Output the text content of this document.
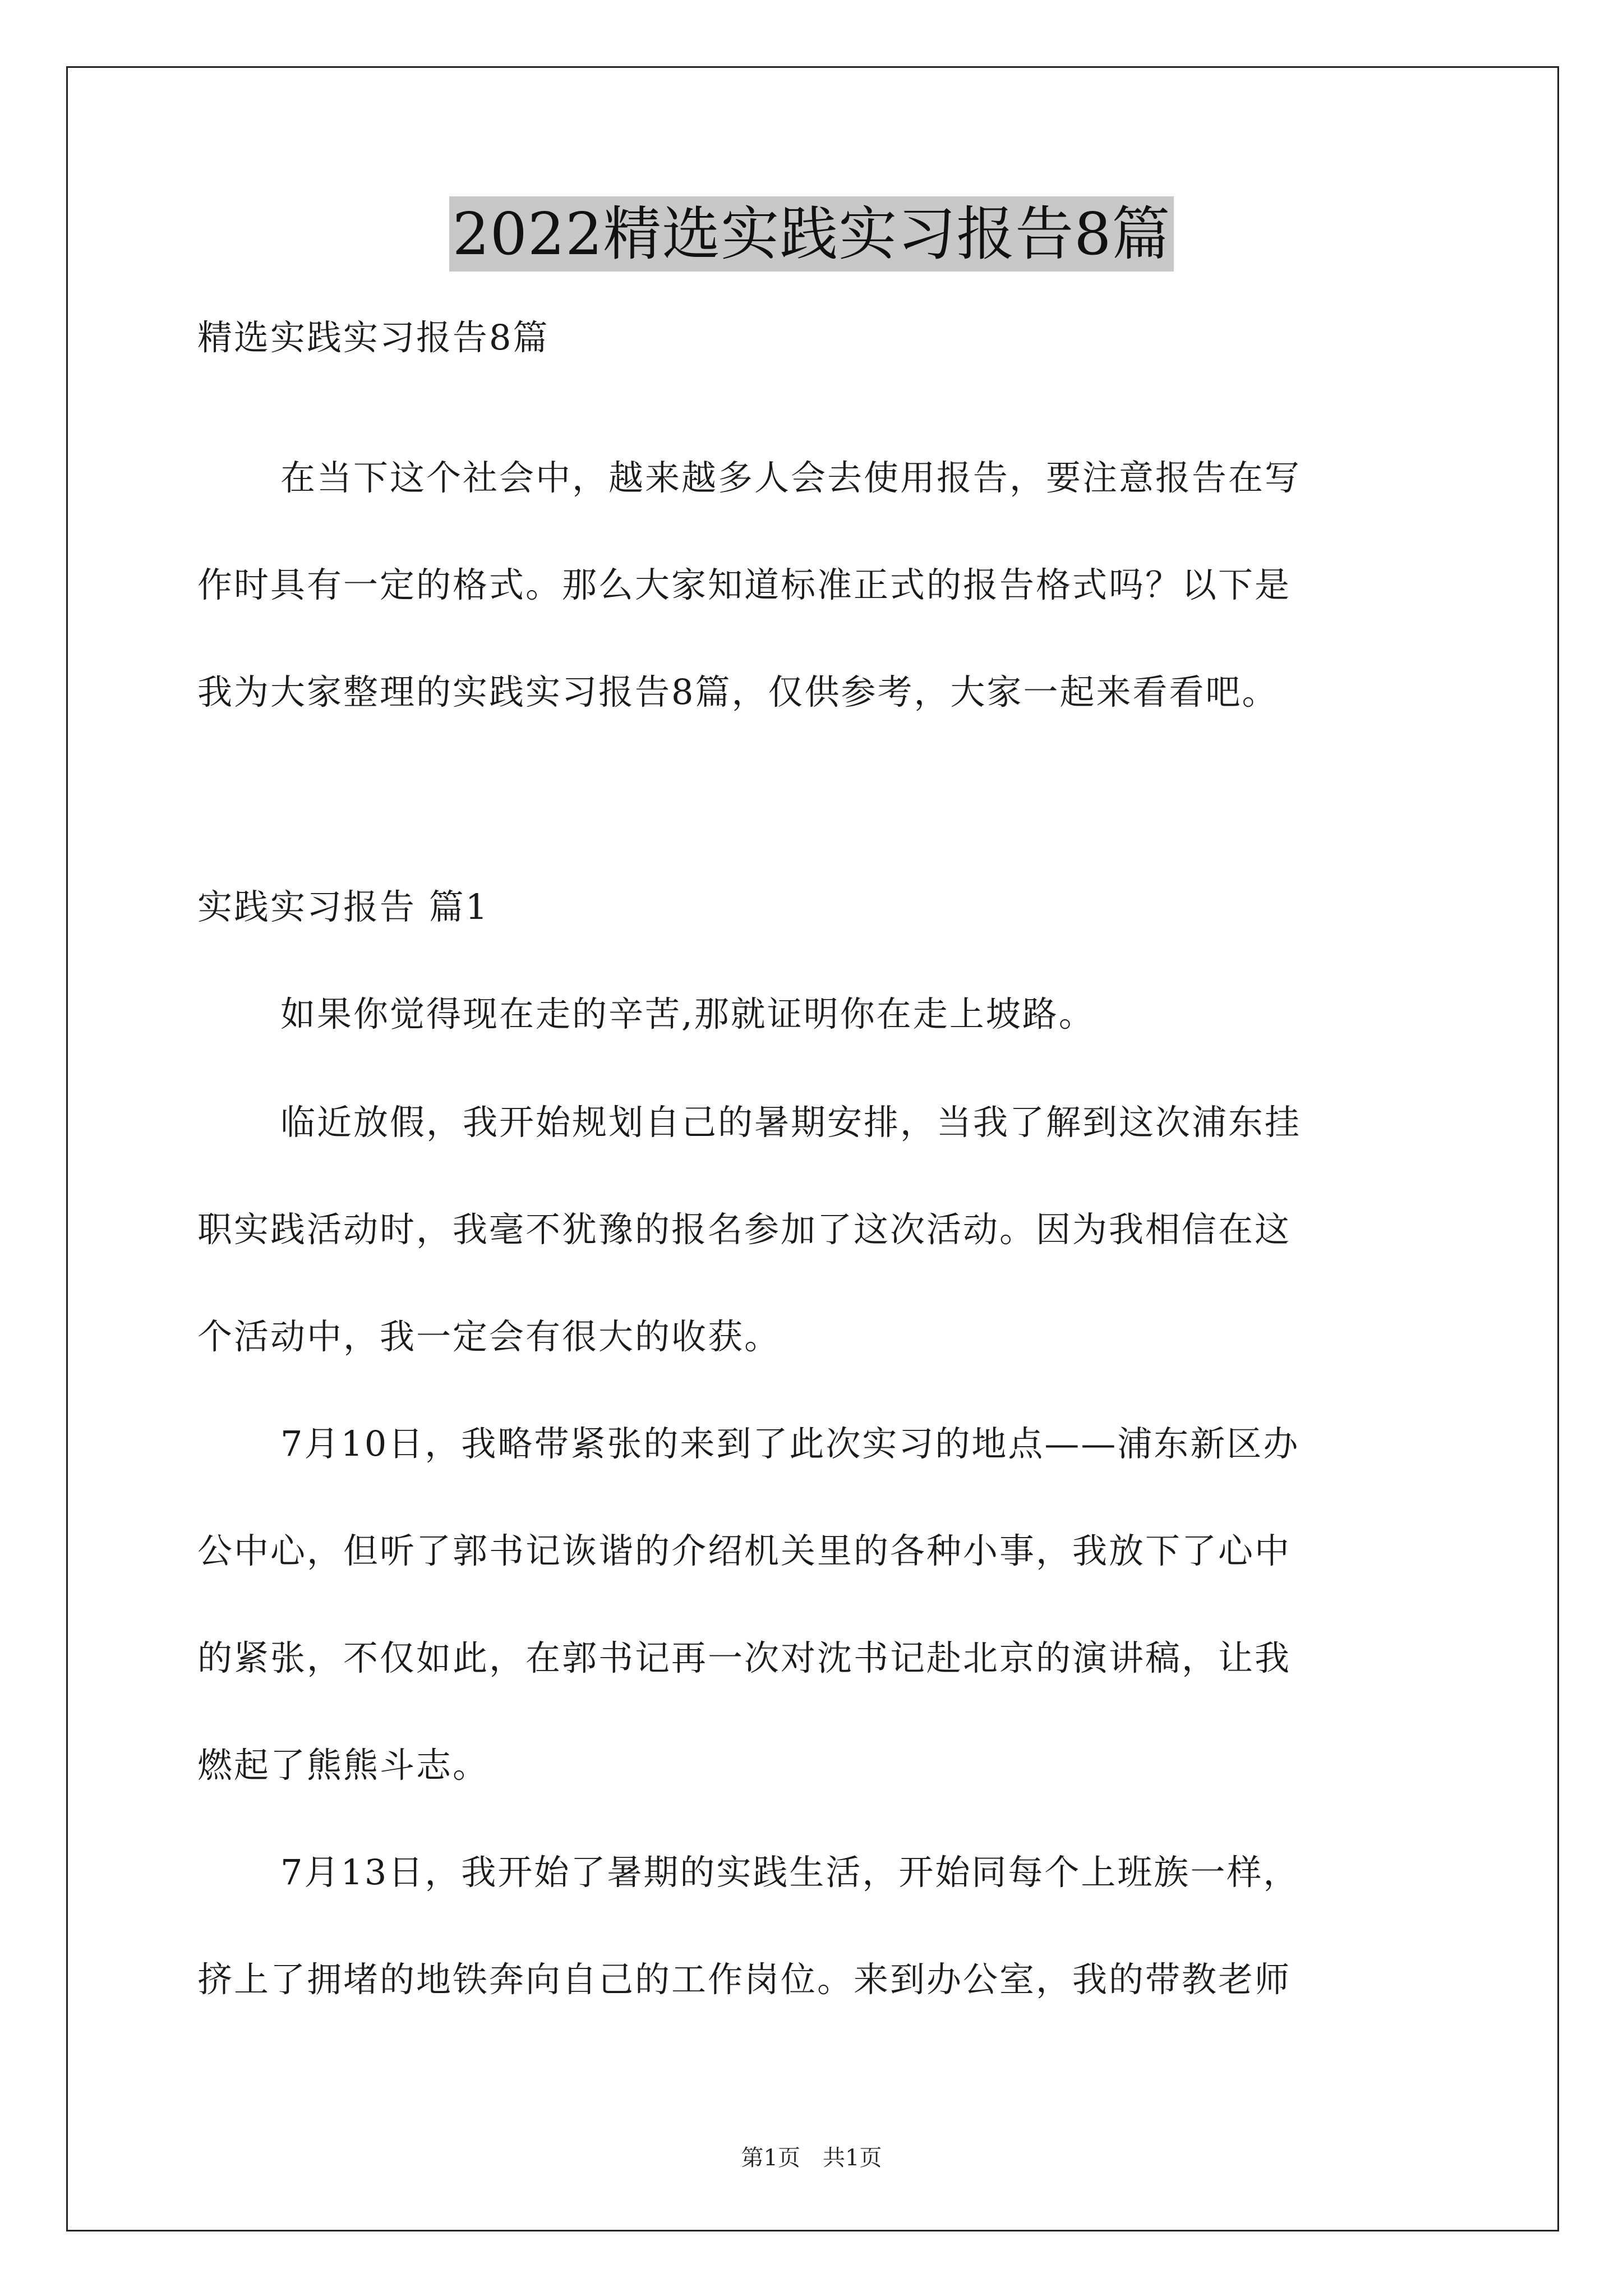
2022精选实践实习报告8篇
精选实践实习报告8篇
在当下这个社会中，越来越多人会去使用报告，要注意报告在写
作时具有一定的格式。那么大家知道标准正式的报告格式吗？以下是
我为大家整理的实践实习报告8篇，仅供参考，大家一起来看看吧。
实践实习报告 篇1
如果你觉得现在走的辛苦,那就证明你在走上坡路。
临近放假，我开始规划自己的暑期安排，当我了解到这次浦东挂
职实践活动时，我毫不犹豫的报名参加了这次活动。因为我相信在这
个活动中，我一定会有很大的收获。
7月10日，我略带紧张的来到了此次实习的地点——浦东新区办
公中心，但听了郭书记诙谐的介绍机关里的各种小事，我放下了心中
的紧张，不仅如此，在郭书记再一次对沈书记赴北京的演讲稿，让我
燃起了熊熊斗志。
7月13日，我开始了暑期的实践生活，开始同每个上班族一样，
挤上了拥堵的地铁奔向自己的工作岗位。来到办公室，我的带教老师
第1页　共1页
